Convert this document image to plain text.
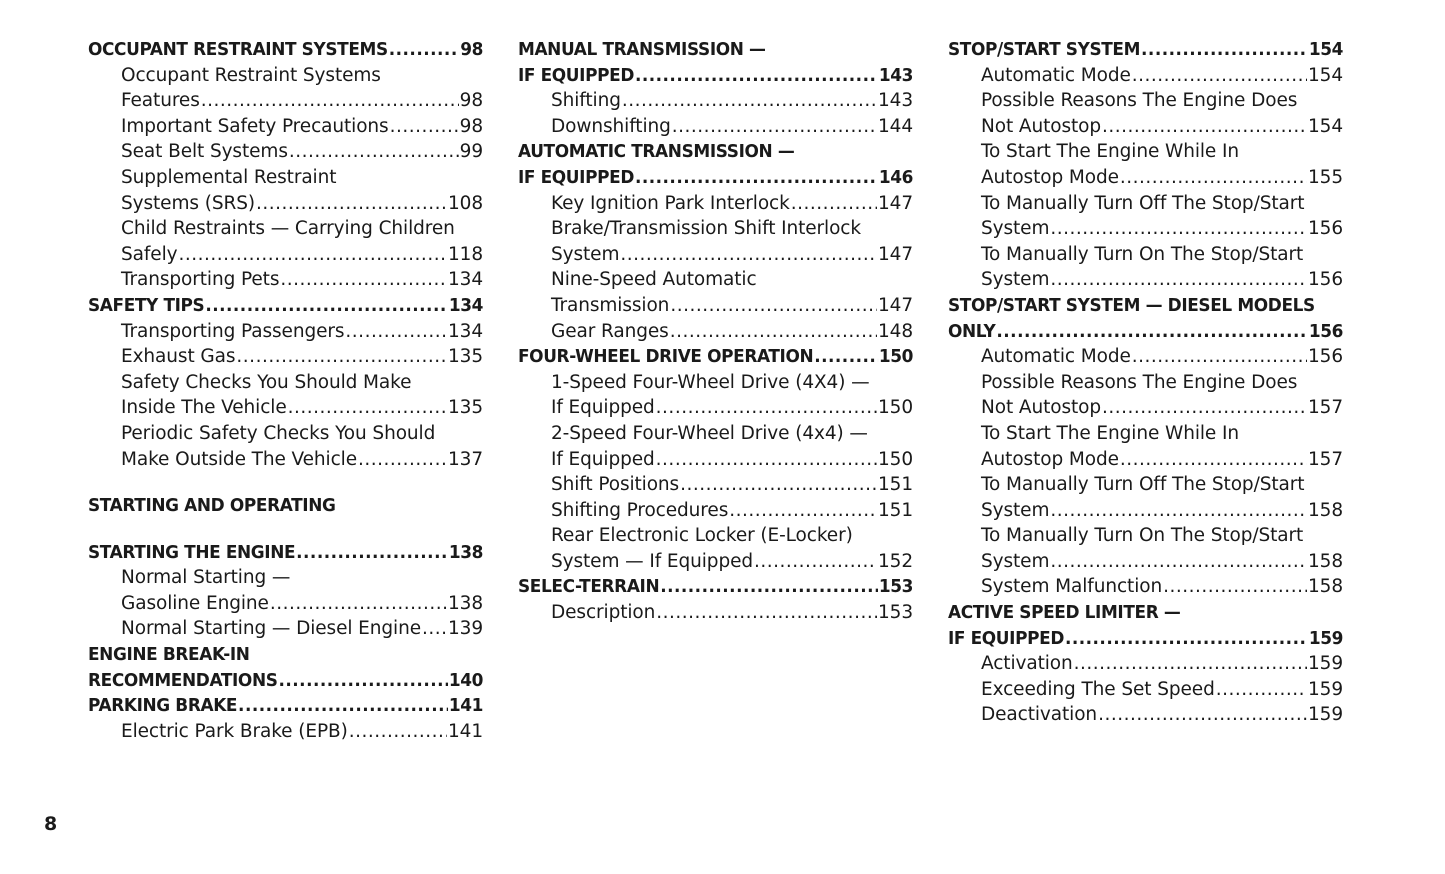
OCCUPANT RESTRAINT SYSTEMS .....	98
Occupant Restraint Systems
Features .....	98
Important Safety Precautions .....	98
Seat Belt Systems .....	99
Supplemental Restraint
Systems (SRS) .....	108
Child Restraints — Carrying Children
Safely .....	118
Transporting Pets .....	134
SAFETY TIPS .....	134
Transporting Passengers .....	134
Exhaust Gas .....	135
Safety Checks You Should Make
Inside The Vehicle .....	135
Periodic Safety Checks You Should
Make Outside The Vehicle .....	137
STARTING AND OPERATING
STARTING THE ENGINE .....	138
Normal Starting —
Gasoline Engine .....	138
Normal Starting — Diesel Engine ..... 139
ENGINE BREAK-IN
RECOMMENDATIONS .....	140
PARKING BRAKE .....	141
Electric Park Brake (EPB) .....	141
MANUAL TRANSMISSION —
IF EQUIPPED .....	143
Shifting .....	143
Downshifting .....	144
AUTOMATIC TRANSMISSION —
IF EQUIPPED .....	146
Key Ignition Park Interlock .....	147
Brake/Transmission Shift Interlock
System .....	147
Nine-Speed Automatic
Transmission .....	147
Gear Ranges .....	148
FOUR-WHEEL DRIVE OPERATION .....	150
1-Speed Four-Wheel Drive (4X4) —
If Equipped .....	150
2-Speed Four-Wheel Drive (4x4) —
If Equipped .....	150
Shift Positions .....	151
Shifting Procedures .....	151
Rear Electronic Locker (E-Locker)
System — If Equipped .....	152
SELEC-TERRAIN .....	153
Description .....	153
STOP/START SYSTEM .....	154
Automatic Mode .....	154
Possible Reasons The Engine Does
Not Autostop .....	154
To Start The Engine While In
Autostop Mode .....	155
To Manually Turn Off The Stop/Start
System .....	156
To Manually Turn On The Stop/Start
System .....	156
STOP/START SYSTEM — DIESEL MODELS
ONLY .....	156
Automatic Mode .....	156
Possible Reasons The Engine Does
Not Autostop .....	157
To Start The Engine While In
Autostop Mode .....	157
To Manually Turn Off The Stop/Start
System .....	158
To Manually Turn On The Stop/Start
System .....	158
System Malfunction .....	158
ACTIVE SPEED LIMITER —
IF EQUIPPED .....	159
Activation .....	159
Exceeding The Set Speed .....	159
Deactivation .....	159
8
